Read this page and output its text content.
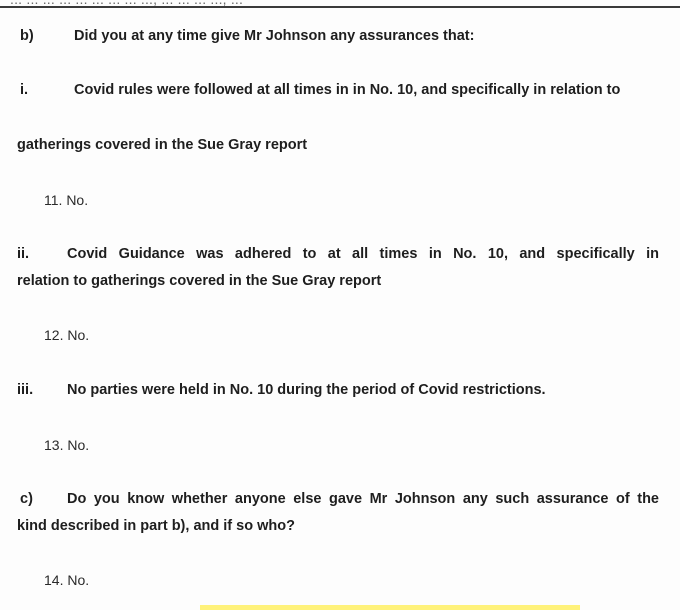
b)	Did you at any time give Mr Johnson any assurances that:
i.	Covid rules were followed at all times in in No. 10, and specifically in relation to
gatherings covered in the Sue Gray report
11. No.
ii.	Covid Guidance was adhered to at all times in No. 10, and specifically in
relation to gatherings covered in the Sue Gray report
12. No.
iii. No parties were held in No. 10 during the period of Covid restrictions.
13. No.
c) Do you know whether anyone else gave Mr Johnson any such assurance of the
kind described in part b), and if so who?
14. No.
